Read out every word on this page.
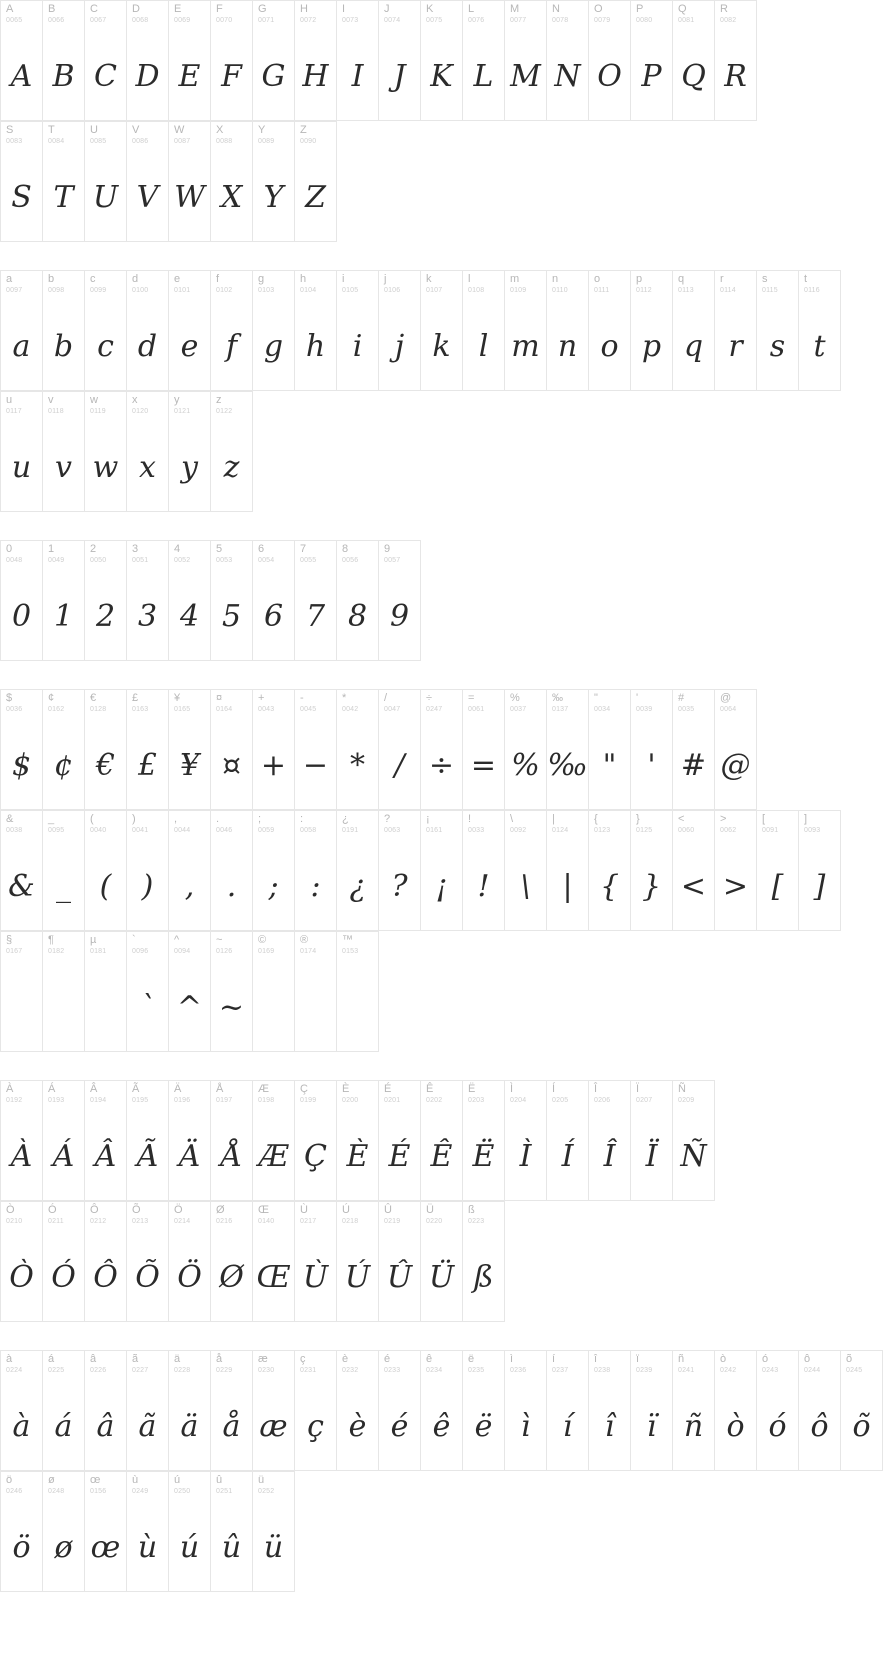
A
0065
A
B
0066
B
C
0067
C
D
0068
D
E
0069
E
F
0070
F
G
0071
G
H
0072
H
I
0073
I
J
0074
J
K
0075
K
L
0076
L
M
0077
M
N
0078
N
O
0079
O
P
0080
P
Q
0081
Q
R
0082
R
S
0083
S
T
0084
T
U
0085
U
V
0086
V
W
0087
W
X
0088
X
Y
0089
Y
Z
0090
Z
a
0097
a
b
0098
b
c
0099
c
d
0100
d
e
0101
e
f
0102
f
g
0103
g
h
0104
h
i
0105
i
j
0106
j
k
0107
k
l
0108
l
m
0109
m
n
0110
n
o
0111
o
p
0112
p
q
0113
q
r
0114
r
s
0115
s
t
0116
t
u
0117
u
v
0118
v
w
0119
w
x
0120
x
y
0121
y
z
0122
z
0
0048
0
1
0049
1
2
0050
2
3
0051
3
4
0052
4
5
0053
5
6
0054
6
7
0055
7
8
0056
8
9
0057
9
$
0036
$
¢
0162
¢
€
0128
€
£
0163
£
¥
0165
¥
¤
0164
¤
+
0043
+
-
0045
−
*
0042
*
/
0047
/
÷
0247
÷
=
0061
=
%
0037
%
‰
0137
‰
"
0034
"
'
0039
'
#
0035
#
@
0064
@
&
0038
&
_
0095
_
(
0040
(
)
0041
)
,
0044
,
.
0046
.
;
0059
;
:
0058
:
¿
0191
¿
?
0063
?
¡
0161
¡
!
0033
!
\
0092
\
|
0124
|
{
0123
{
}
0125
}
<
0060
<
>
0062
>
[
0091
[
]
0093
]
§
0167
¶
0182
µ
0181
`
0096
`
^
0094
^
~
0126
~
©
0169
®
0174
™
0153
À
0192
À
Á
0193
Á
Â
0194
Â
Ã
0195
Ã
Ä
0196
Ä
Å
0197
Å
Æ
0198
Æ
Ç
0199
Ç
È
0200
È
É
0201
É
Ê
0202
Ê
Ë
0203
Ë
Ì
0204
Ì
Í
0205
Í
Î
0206
Î
Ï
0207
Ï
Ñ
0209
Ñ
Ò
0210
Ò
Ó
0211
Ó
Ô
0212
Ô
Õ
0213
Õ
Ö
0214
Ö
Ø
0216
Ø
Œ
0140
Œ
Ù
0217
Ù
Ú
0218
Ú
Û
0219
Û
Ü
0220
Ü
ß
0223
ß
à
0224
à
á
0225
á
â
0226
â
ã
0227
ã
ä
0228
ä
å
0229
å
æ
0230
æ
ç
0231
ç
è
0232
è
é
0233
é
ê
0234
ê
ë
0235
ë
ì
0236
ì
í
0237
í
î
0238
î
ï
0239
ï
ñ
0241
ñ
ò
0242
ò
ó
0243
ó
ô
0244
ô
õ
0245
õ
ö
0246
ö
ø
0248
ø
œ
0156
œ
ù
0249
ù
ú
0250
ú
û
0251
û
ü
0252
ü
